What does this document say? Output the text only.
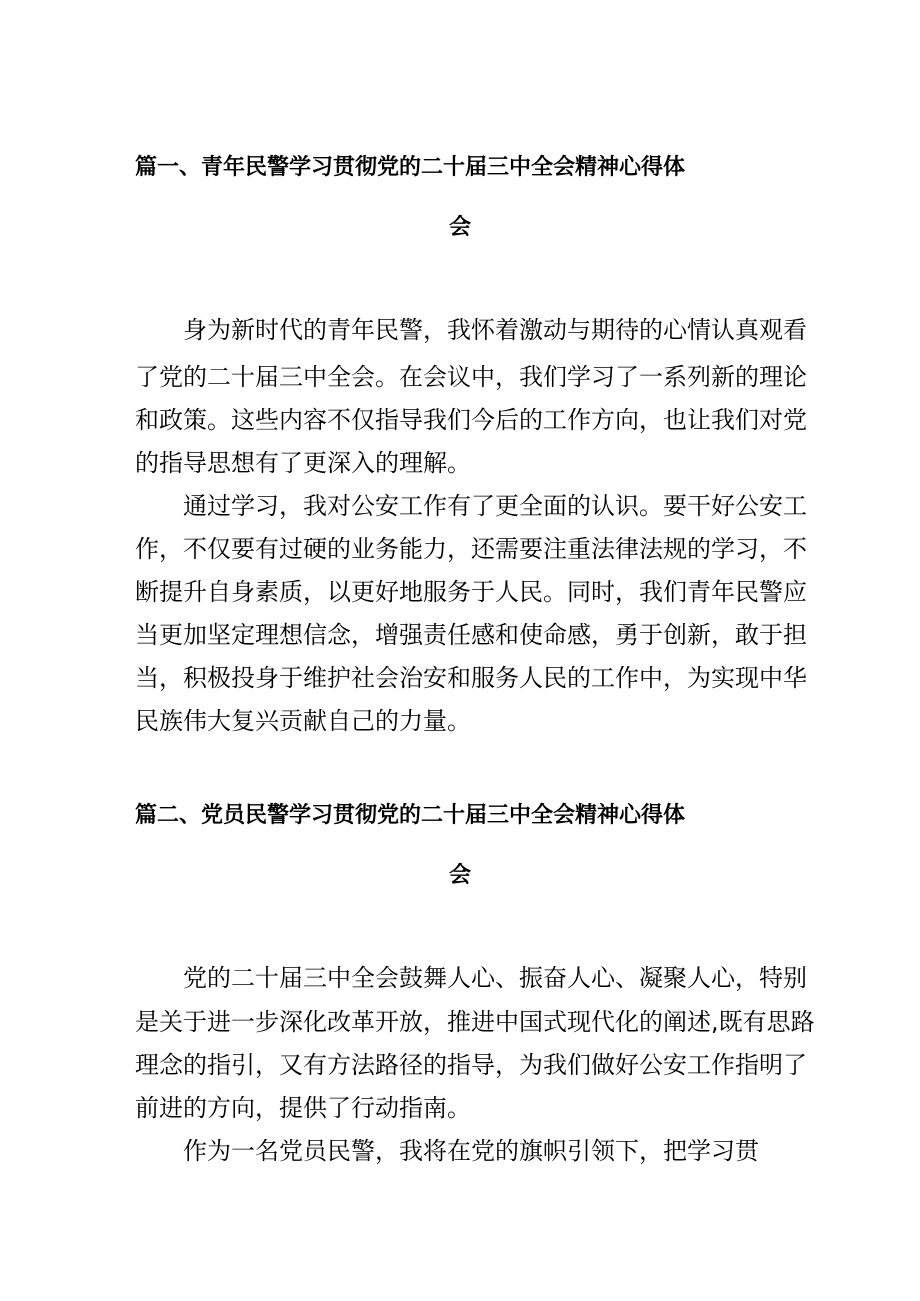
篇一、青年民警学习贯彻党的二十届三中全会精神心得体
会
身为新时代的青年民警，我怀着激动与期待的心情认真观看
了党的二十届三中全会。在会议中，我们学习了一系列新的理论
和政策。这些内容不仅指导我们今后的工作方向，也让我们对党
的指导思想有了更深入的理解。
通过学习，我对公安工作有了更全面的认识。要干好公安工
作，不仅要有过硬的业务能力，还需要注重法律法规的学习，不
断提升自身素质，以更好地服务于人民。同时，我们青年民警应
当更加坚定理想信念，增强责任感和使命感，勇于创新，敢于担
当，积极投身于维护社会治安和服务人民的工作中，为实现中华
民族伟大复兴贡献自己的力量。
篇二、党员民警学习贯彻党的二十届三中全会精神心得体
会
党的二十届三中全会鼓舞人心、振奋人心、凝聚人心，特别
是关于进一步深化改革开放，推进中国式现代化的阐述,既有思路
理念的指引，又有方法路径的指导，为我们做好公安工作指明了
前进的方向，提供了行动指南。
作为一名党员民警，我将在党的旗帜引领下，把学习贯
